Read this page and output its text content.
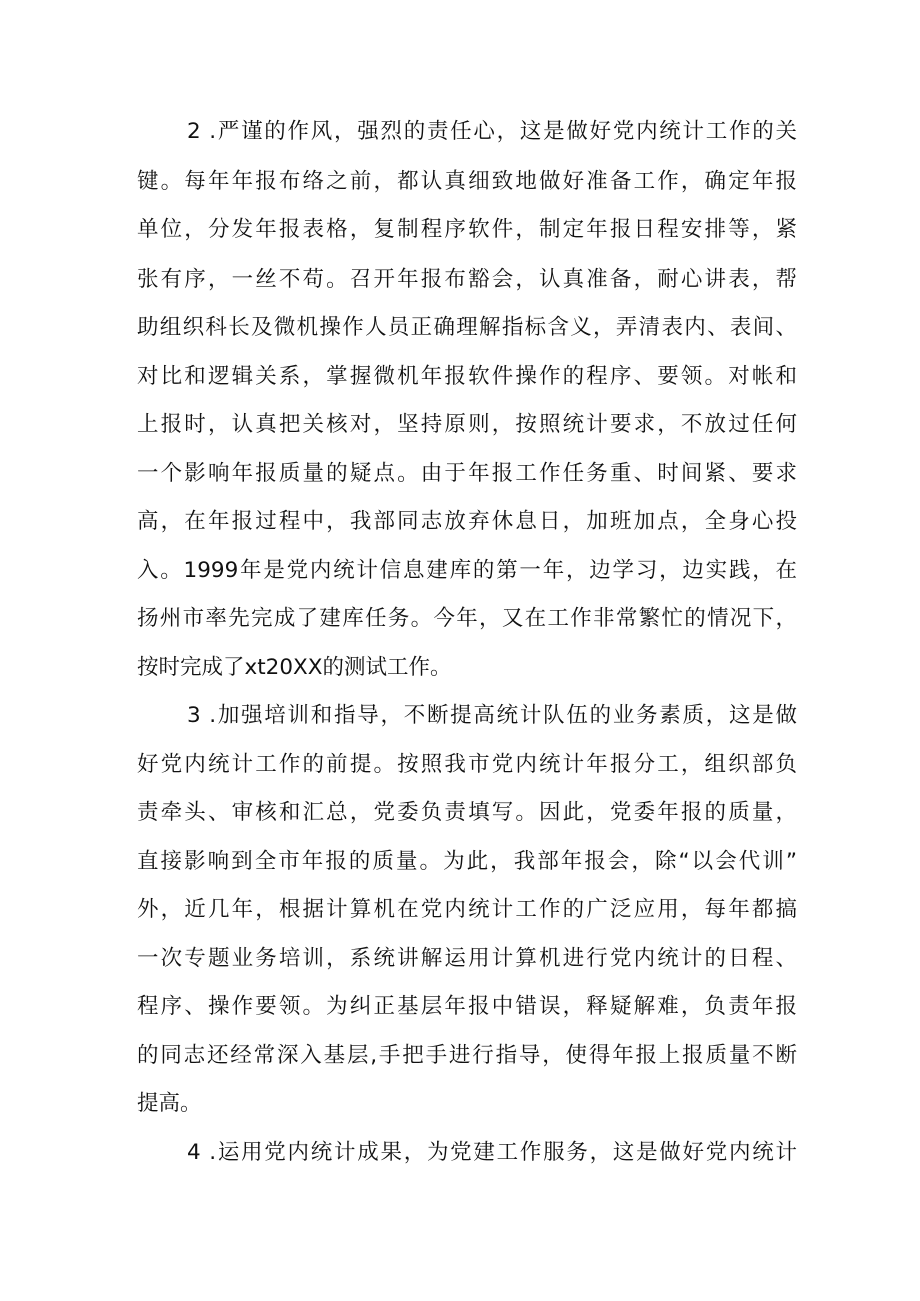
2 .严谨的作风，强烈的责任心，这是做好党内统计工作的关
键。每年年报布络之前，都认真细致地做好准备工作，确定年报
单位，分发年报表格，复制程序软件，制定年报日程安排等，紧
张有序，一丝不苟。召开年报布豁会，认真准备，耐心讲表，帮
助组织科长及微机操作人员正确理解指标含义，弄清表内、表间、
对比和逻辑关系，掌握微机年报软件操作的程序、要领。对帐和
上报时，认真把关核对，坚持原则，按照统计要求，不放过任何
一个影响年报质量的疑点。由于年报工作任务重、时间紧、要求
高，在年报过程中，我部同志放弃休息日，加班加点，全身心投
入。1999年是党内统计信息建库的第一年，边学习，边实践，在
扬州市率先完成了建库任务。今年，又在工作非常繁忙的情况下，
按时完成了xt20XX的测试工作。
3 .加强培训和指导，不断提高统计队伍的业务素质，这是做
好党内统计工作的前提。按照我市党内统计年报分工，组织部负
责牵头、审核和汇总，党委负责填写。因此，党委年报的质量，
直接影响到全市年报的质量。为此，我部年报会，除“以会代训”
外，近几年，根据计算机在党内统计工作的广泛应用，每年都搞
一次专题业务培训，系统讲解运用计算机进行党内统计的日程、
程序、操作要领。为纠正基层年报中错误，释疑解难，负责年报
的同志还经常深入基层,手把手进行指导，使得年报上报质量不断
提高。
4 .运用党内统计成果，为党建工作服务，这是做好党内统计
